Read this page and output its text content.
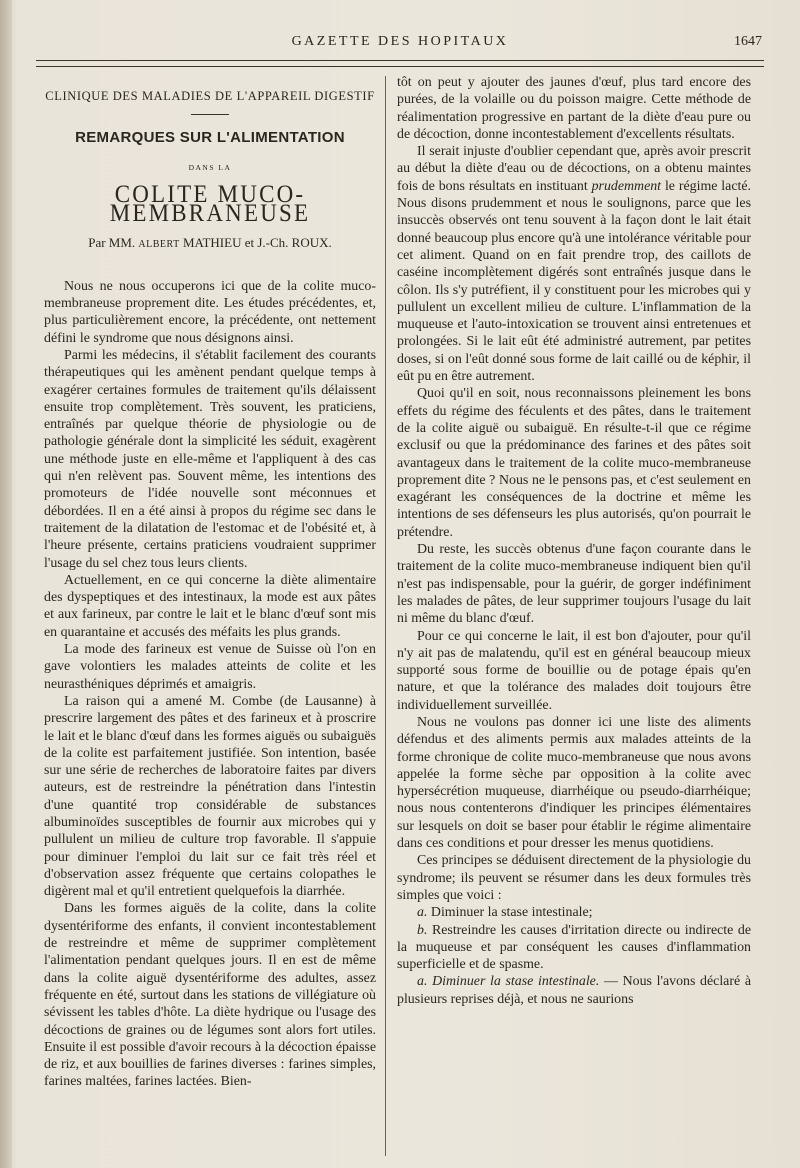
GAZETTE DES HOPITAUX	1647
CLINIQUE DES MALADIES DE L'APPAREIL DIGESTIF
REMARQUES SUR L'ALIMENTATION
DANS LA
COLITE MUCO-MEMBRANEUSE
Par MM. ALBERT MATHIEU et J.-Ch. ROUX.

Nous ne nous occuperons ici que de la colite muco-membraneuse proprement dite. Les études précédentes, et, plus particulièrement encore, la précédente, ont nettement défini le syndrome que nous désignons ainsi.

Parmi les médecins, il s'établit facilement des courants thérapeutiques qui les amènent pendant quelque temps à exagérer certaines formules de traitement qu'ils délaissent ensuite trop complètement. Très souvent, les praticiens, entraînés par quelque théorie de physiologie ou de pathologie générale dont la simplicité les séduit, exagèrent une méthode juste en elle-même et l'appliquent à des cas qui n'en relèvent pas. Souvent même, les intentions des promoteurs de l'idée nouvelle sont méconnues et débordées. Il en a été ainsi à propos du régime sec dans le traitement de la dilatation de l'estomac et de l'obésité et, à l'heure présente, certains praticiens voudraient supprimer l'usage du sel chez tous leurs clients.

Actuellement, en ce qui concerne la diète alimentaire des dyspeptiques et des intestinaux, la mode est aux pâtes et aux farineux, par contre le lait et le blanc d'œuf sont mis en quarantaine et accusés des méfaits les plus grands.

La mode des farineux est venue de Suisse où l'on en gave volontiers les malades atteints de colite et les neurasthéniques déprimés et amaigris.

La raison qui a amené M. Combe (de Lausanne) à prescrire largement des pâtes et des farineux et à proscrire le lait et le blanc d'œuf dans les formes aiguës ou subaiguës de la colite est parfaitement justifiée. Son intention, basée sur une série de recherches de laboratoire faites par divers auteurs, est de restreindre la pénétration dans l'intestin d'une quantité trop considérable de substances albuminoïdes susceptibles de fournir aux microbes qui y pullulent un milieu de culture trop favorable. Il s'appuie pour diminuer l'emploi du lait sur ce fait très réel et d'observation assez fréquente que certains colopathes le digèrent mal et qu'il entretient quelquefois la diarrhée.

Dans les formes aiguës de la colite, dans la colite dysentériforme des enfants, il convient incontestablement de restreindre et même de supprimer complètement l'alimentation pendant quelques jours. Il en est de même dans la colite aiguë dysentériforme des adultes, assez fréquente en été, surtout dans les stations de villégiature où sévissent les tables d'hôte. La diète hydrique ou l'usage des décoctions de graines ou de légumes sont alors fort utiles. Ensuite il est possible d'avoir recours à la décoction épaisse de riz, et aux bouillies de farines diverses : farines simples, farines maltées, farines lactées. Bien-

tôt on peut y ajouter des jaunes d'œuf, plus tard encore des purées, de la volaille ou du poisson maigre. Cette méthode de réalimentation progressive en partant de la diète d'eau pure ou de décoction, donne incontestablement d'excellents résultats.

Il serait injuste d'oublier cependant que, après avoir prescrit au début la diète d'eau ou de décoctions, on a obtenu maintes fois de bons résultats en instituant prudemment le régime lacté. Nous disons prudemment et nous le soulignons, parce que les insuccès observés ont tenu souvent à la façon dont le lait était donné beaucoup plus encore qu'à une intolérance véritable pour cet aliment. Quand on en fait prendre trop, des caillots de caséine incomplètement digérés sont entraînés jusque dans le côlon. Ils s'y putréfient, il y constituent pour les microbes qui y pullulent un excellent milieu de culture. L'inflammation de la muqueuse et l'auto-intoxication se trouvent ainsi entretenues et prolongées. Si le lait eût été administré autrement, par petites doses, si on l'eût donné sous forme de lait caillé ou de képhir, il eût pu en être autrement.

Quoi qu'il en soit, nous reconnaissons pleinement les bons effets du régime des féculents et des pâtes, dans le traitement de la colite aiguë ou subaiguë. En résulte-t-il que ce régime exclusif ou que la prédominance des farines et des pâtes soit avantageux dans le traitement de la colite muco-membraneuse proprement dite ? Nous ne le pensons pas, et c'est seulement en exagérant les conséquences de la doctrine et même les intentions de ses défenseurs les plus autorisés, qu'on pourrait le prétendre.

Du reste, les succès obtenus d'une façon courante dans le traitement de la colite muco-membraneuse indiquent bien qu'il n'est pas indispensable, pour la guérir, de gorger indéfiniment les malades de pâtes, de leur supprimer toujours l'usage du lait ni même du blanc d'œuf.

Pour ce qui concerne le lait, il est bon d'ajouter, pour qu'il n'y ait pas de malatendu, qu'il est en général beaucoup mieux supporté sous forme de bouillie ou de potage épais qu'en nature, et que la tolérance des malades doit toujours être individuellement surveillée.

Nous ne voulons pas donner ici une liste des aliments défendus et des aliments permis aux malades atteints de la forme chronique de colite muco-membraneuse que nous avons appelée la forme sèche par opposition à la colite avec hypersécrétion muqueuse, diarrhéique ou pseudo-diarrhéique; nous nous contenterons d'indiquer les principes élémentaires sur lesquels on doit se baser pour établir le régime alimentaire dans ces conditions et pour dresser les menus quotidiens.

Ces principes se déduisent directement de la physiologie du syndrome; ils peuvent se résumer dans les deux formules très simples que voici :

a. Diminuer la stase intestinale;

b. Restreindre les causes d'irritation directe ou indirecte de la muqueuse et par conséquent les causes d'inflammation superficielle et de spasme.

a. Diminuer la stase intestinale. — Nous l'avons déclaré à plusieurs reprises déjà, et nous ne saurions
